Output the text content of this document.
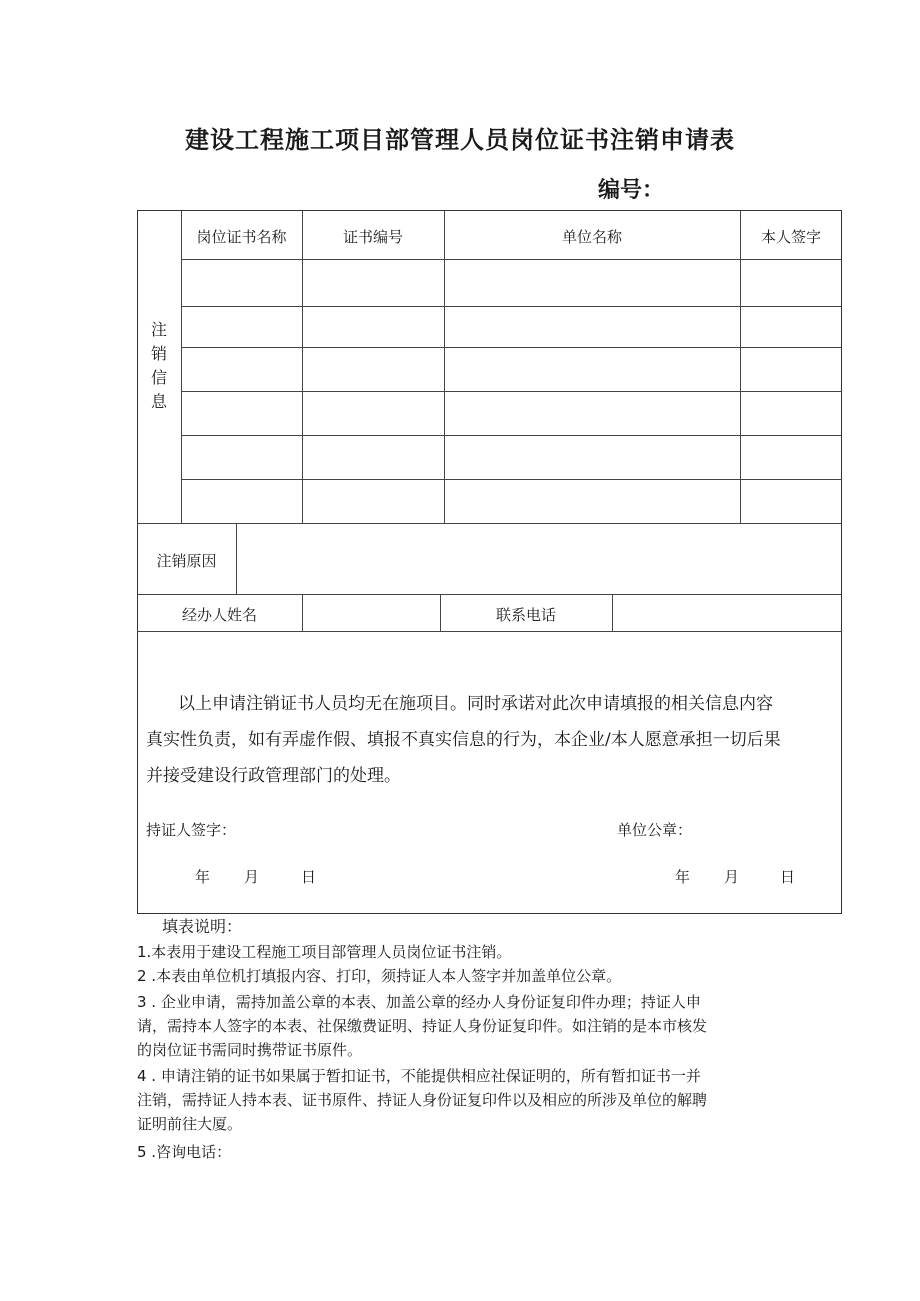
建设工程施工项目部管理人员岗位证书注销申请表
编号：
注
销
信
息
岗位证书名称	证书编号	单位名称	本人签字
注销原因
经办人姓名	联系电话
以上申请注销证书人员均无在施项目。同时承诺对此次申请填报的相关信息内容
真实性负责，如有弄虚作假、填报不真实信息的行为，本企业/本人愿意承担一切后果
并接受建设行政管理部门的处理。
持证人签字：	单位公章：
年 月	日	年 月	日
填表说明：
1.本表用于建设工程施工项目部管理人员岗位证书注销。
2 .本表由单位机打填报内容、打印，须持证人本人签字并加盖单位公章。
3 . 企业申请，需持加盖公章的本表、加盖公章的经办人身份证复印件办理；持证人申
请，需持本人签字的本表、社保缴费证明、持证人身份证复印件。如注销的是本市核发
的岗位证书需同时携带证书原件。
4 . 申请注销的证书如果属于暂扣证书，不能提供相应社保证明的，所有暂扣证书一并
注销，需持证人持本表、证书原件、持证人身份证复印件以及相应的所涉及单位的解聘
证明前往大厦。
5 .咨询电话：
